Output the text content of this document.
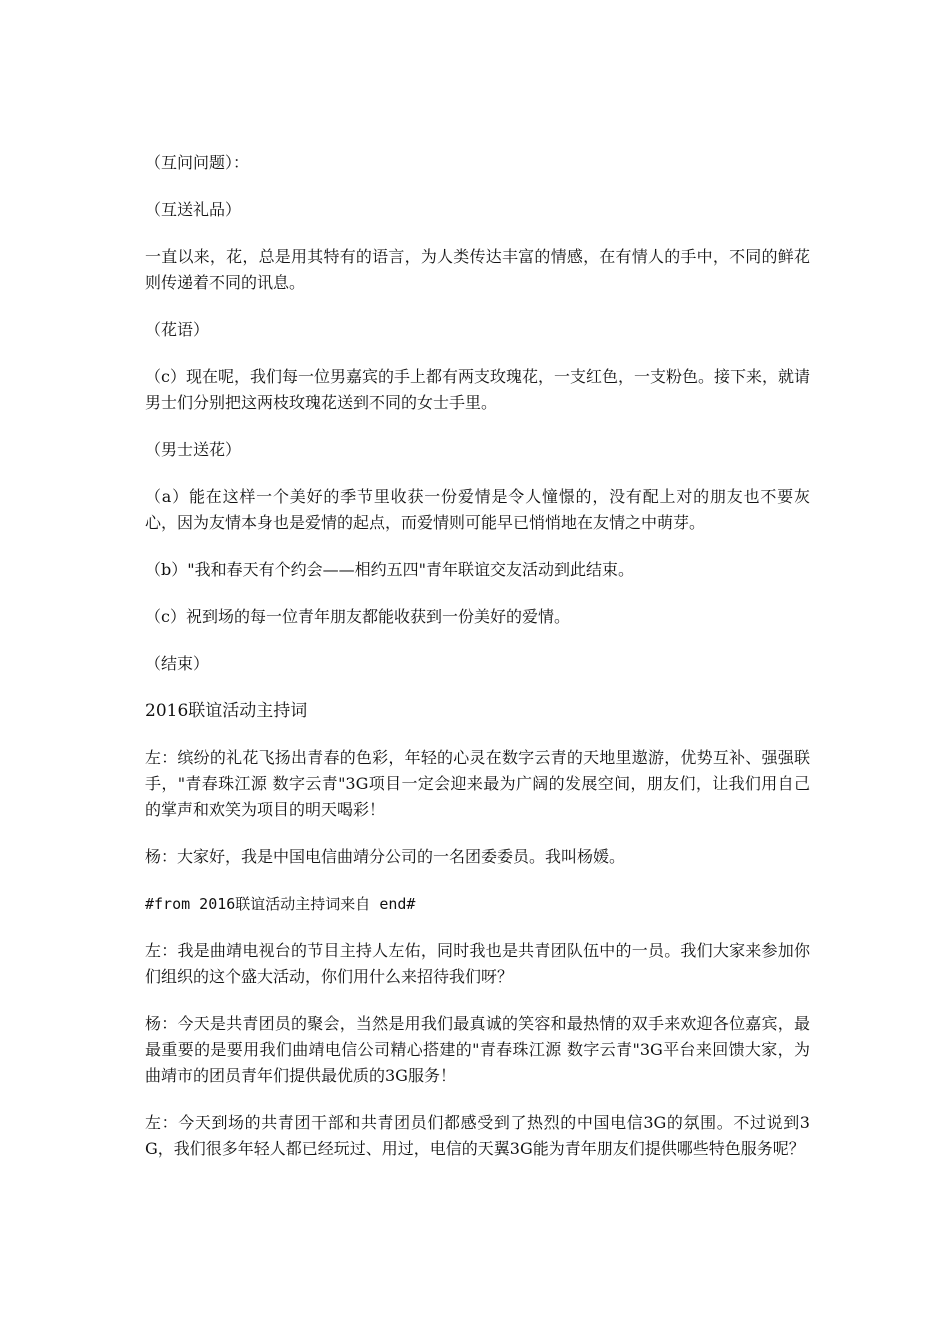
（互问问题）：

（互送礼品）

一直以来，花，总是用其特有的语言，为人类传达丰富的情感，在有情人的手中，不同的鲜花则传递着不同的讯息。

（花语）

（c）现在呢，我们每一位男嘉宾的手上都有两支玫瑰花，一支红色，一支粉色。接下来，就请男士们分别把这两枝玫瑰花送到不同的女士手里。

（男士送花）

（a）能在这样一个美好的季节里收获一份爱情是令人憧憬的，没有配上对的朋友也不要灰心，因为友情本身也是爱情的起点，而爱情则可能早已悄悄地在友情之中萌芽。

（b）"我和春天有个约会——相约五四"青年联谊交友活动到此结束。

（c）祝到场的每一位青年朋友都能收获到一份美好的爱情。

（结束）

2016联谊活动主持词

左：缤纷的礼花飞扬出青春的色彩，年轻的心灵在数字云青的天地里遨游，优势互补、强强联手，"青春珠江源 数字云青"3G项目一定会迎来最为广阔的发展空间，朋友们，让我们用自己的掌声和欢笑为项目的明天喝彩！

杨：大家好，我是中国电信曲靖分公司的一名团委委员。我叫杨媛。

#from 2016联谊活动主持词来自 end#

左：我是曲靖电视台的节目主持人左佑，同时我也是共青团队伍中的一员。我们大家来参加你们组织的这个盛大活动，你们用什么来招待我们呀？

杨：今天是共青团员的聚会，当然是用我们最真诚的笑容和最热情的双手来欢迎各位嘉宾，最最重要的是要用我们曲靖电信公司精心搭建的"青春珠江源 数字云青"3G平台来回馈大家，为曲靖市的团员青年们提供最优质的3G服务！

左：今天到场的共青团干部和共青团员们都感受到了热烈的中国电信3G的氛围。不过说到3G，我们很多年轻人都已经玩过、用过，电信的天翼3G能为青年朋友们提供哪些特色服务呢？
